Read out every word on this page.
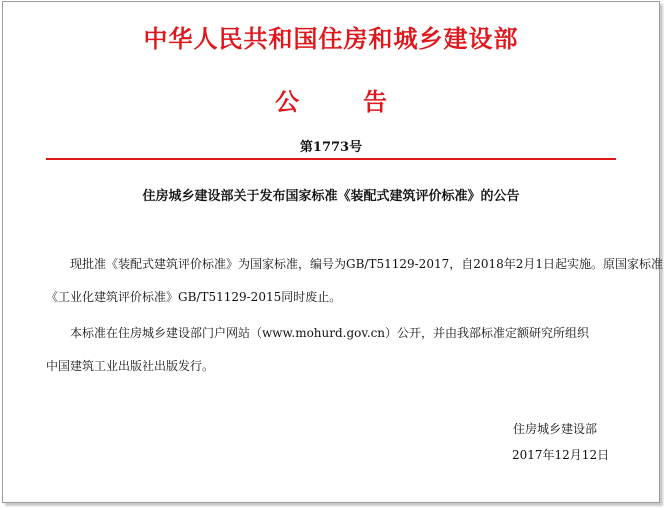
中华人民共和国住房和城乡建设部
公告
第1773号
住房城乡建设部关于发布国家标准《装配式建筑评价标准》的公告
现批准《装配式建筑评价标准》为国家标准，编号为GB/T51129-2017，自2018年2月1日起实施。原国家标准
《工业化建筑评价标准》GB/T51129-2015同时废止。
本标准在住房城乡建设部门户网站（www.mohurd.gov.cn）公开，并由我部标准定额研究所组织
中国建筑工业出版社出版发行。
住房城乡建设部
2017年12月12日
